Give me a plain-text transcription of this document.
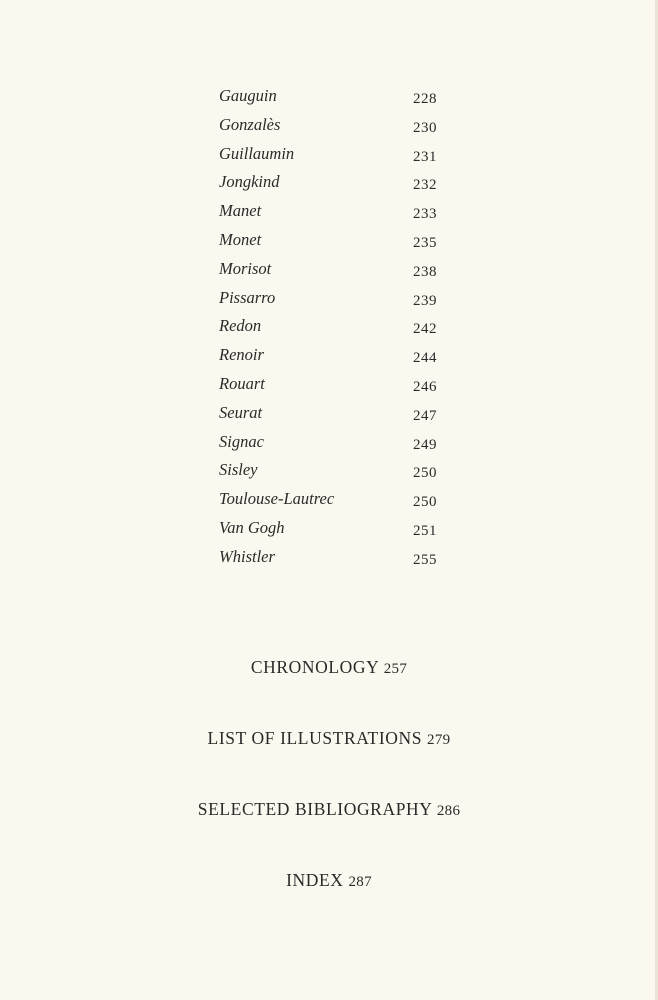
Gauguin	228
Gonzalès	230
Guillaumin	231
Jongkind	232
Manet	233
Monet	235
Morisot	238
Pissarro	239
Redon	242
Renoir	244
Rouart	246
Seurat	247
Signac	249
Sisley	250
Toulouse-Lautrec	250
Van Gogh	251
Whistler	255
CHRONOLOGY 257
LIST OF ILLUSTRATIONS 279
SELECTED BIBLIOGRAPHY 286
INDEX 287
